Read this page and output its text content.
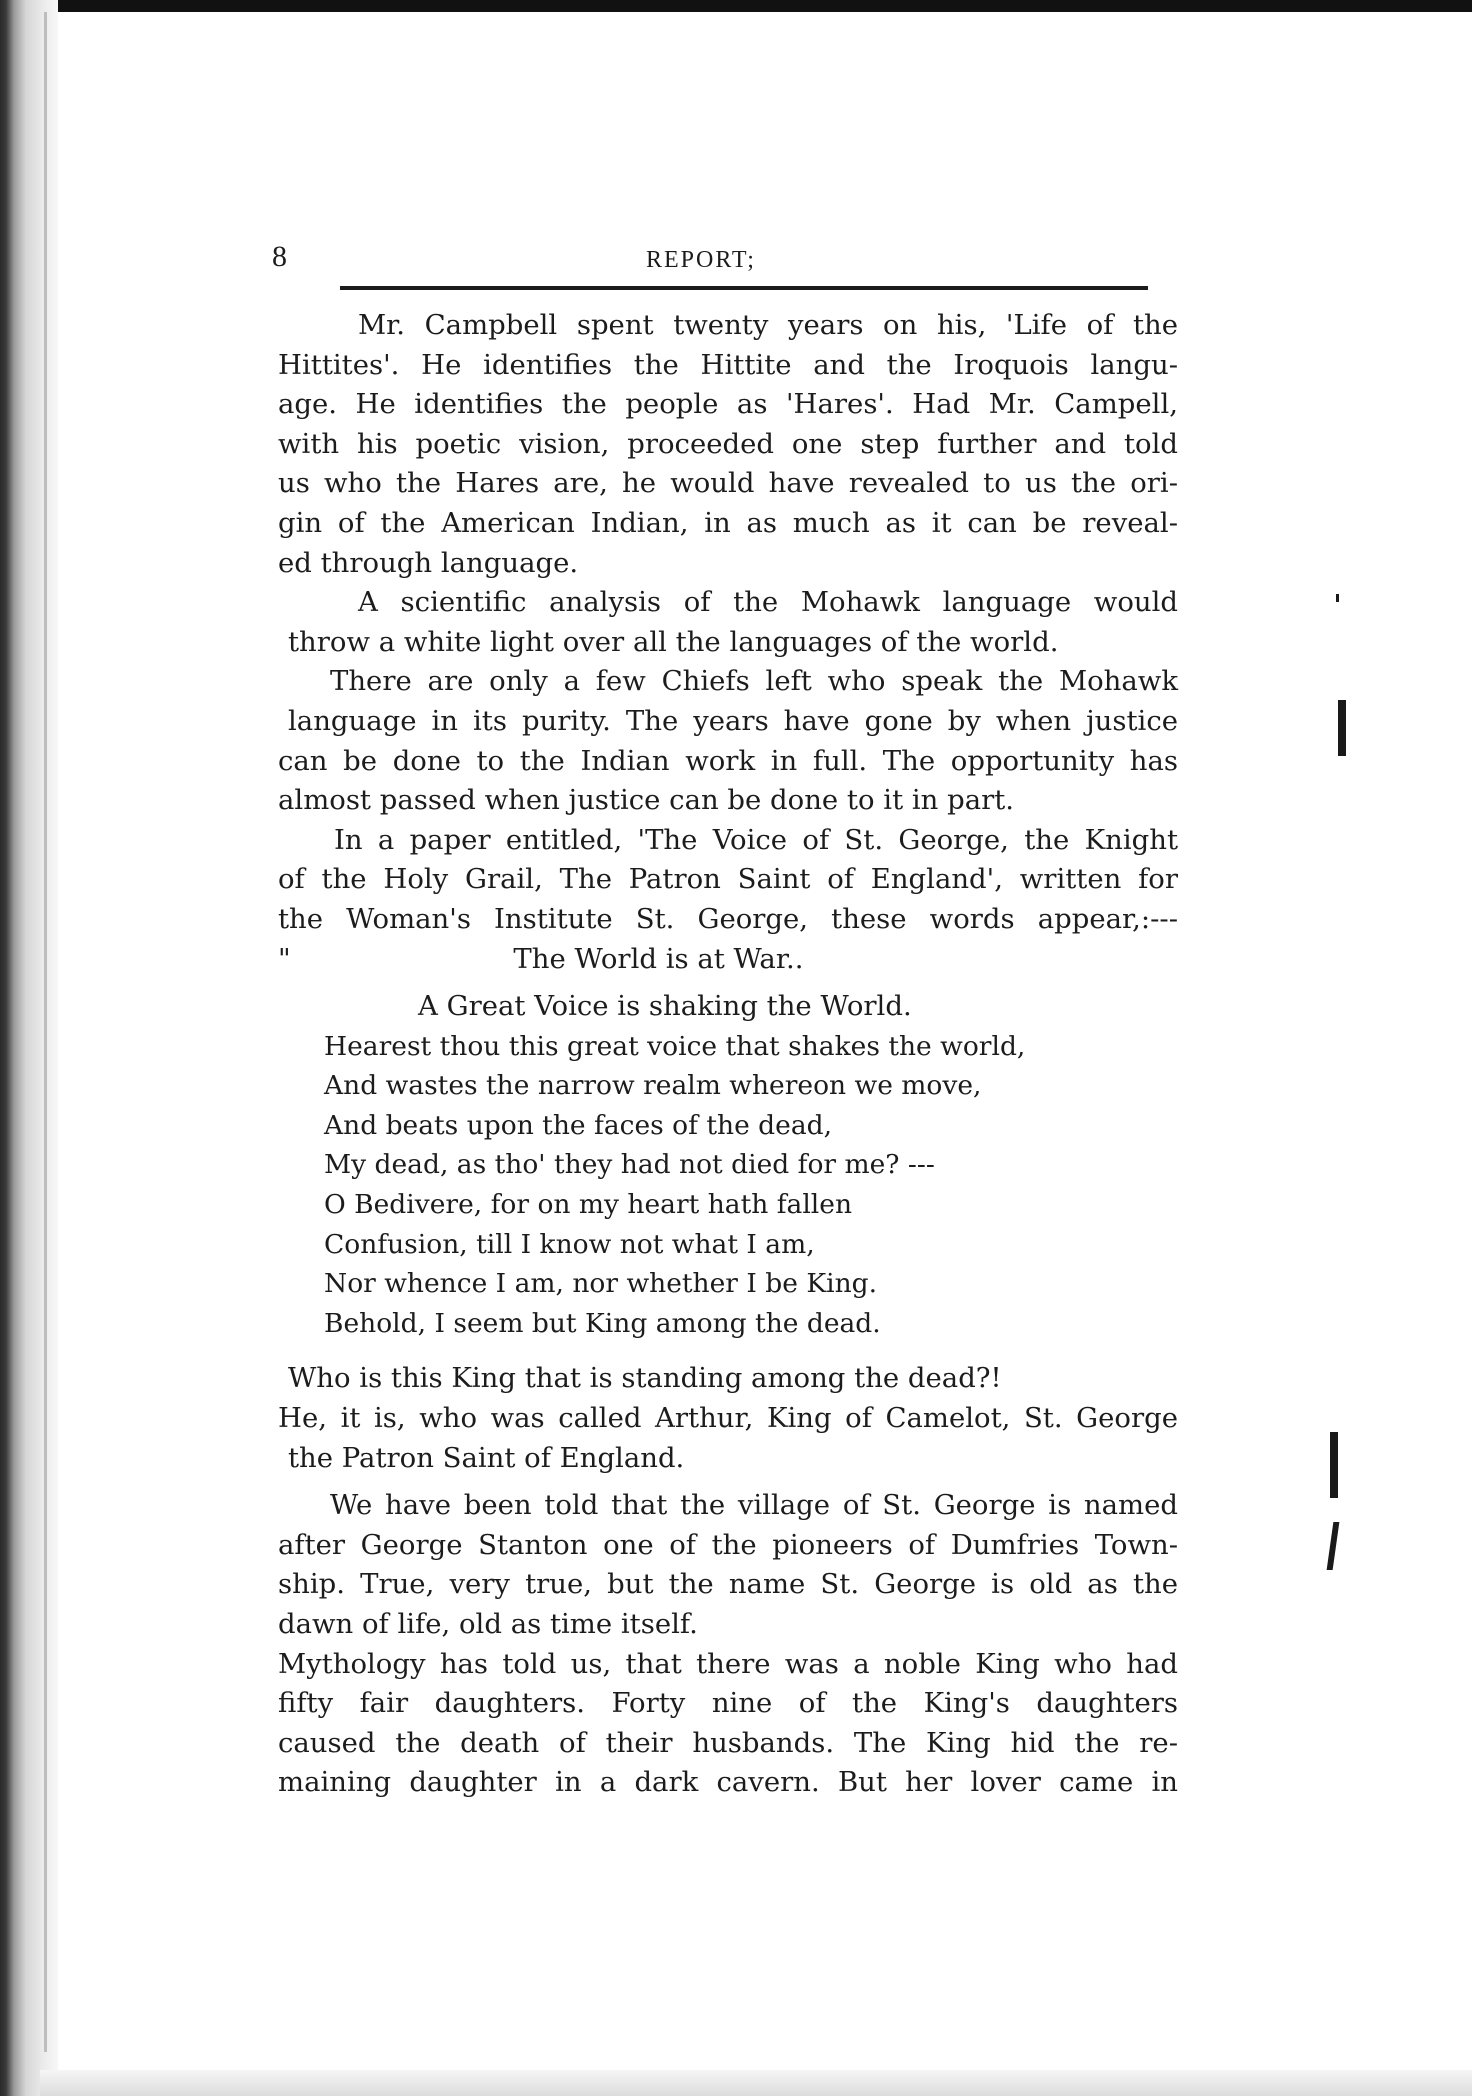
8	REPORT;
Mr. Campbell spent twenty years on his, 'Life of the
Hittites'. He identifies the Hittite and the Iroquois langu-
age. He identifies the people as 'Hares'. Had Mr. Campell,
with his poetic vision, proceeded one step further and told
us who the Hares are, he would have revealed to us the ori-
gin of the American Indian, in as much as it can be reveal-
ed through language.
A scientific analysis of the Mohawk language would
throw a white light over all the languages of the world.
There are only a few Chiefs left who speak the Mohawk
language in its purity. The years have gone by when justice
can be done to the Indian work in full. The opportunity has
almost passed when justice can be done to it in part.
In a paper entitled, 'The Voice of St. George, the Knight
of the Holy Grail, The Patron Saint of England', written for
the Woman's Institute St. George, these words appear,:---
"	The World is at War..
A Great Voice is shaking the World.
Hearest thou this great voice that shakes the world,
And wastes the narrow realm whereon we move,
And beats upon the faces of the dead,
My dead, as tho' they had not died for me? ---
O Bedivere, for on my heart hath fallen
Confusion, till I know not what I am,
Nor whence I am, nor whether I be King.
Behold, I seem but King among the dead.
Who is this King that is standing among the dead?!
He, it is, who was called Arthur, King of Camelot, St. George
the Patron Saint of England.
We have been told that the village of St. George is named
after George Stanton one of the pioneers of Dumfries Town-
ship. True, very true, but the name St. George is old as the
dawn of life, old as time itself.
Mythology has told us, that there was a noble King who had
fifty fair daughters. Forty nine of the King's daughters
caused the death of their husbands. The King hid the re-
maining daughter in a dark cavern. But her lover came in
